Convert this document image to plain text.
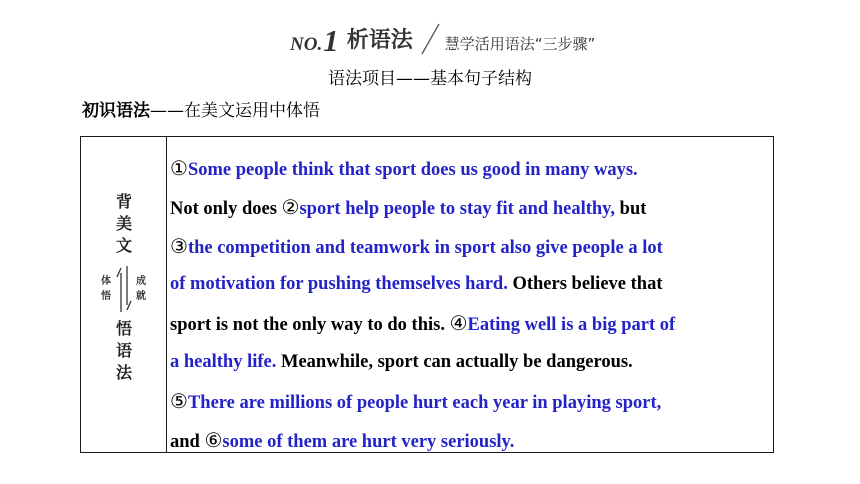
NO. 1 析语法 慧学活用语法“三步骤”
语法项目——基本句子结构
初识语法——在美文运用中体悟
背
美
文
体
悟
成
就
悟
语
法
①Some people think that sport does us good in many ways.
Not only does ②sport help people to stay fit and healthy, but
③the competition and teamwork in sport also give people a lot
of motivation for pushing themselves hard. Others believe that
sport is not the only way to do this. ④Eating well is a big part of
a healthy life. Meanwhile, sport can actually be dangerous.
⑤There are millions of people hurt each year in playing sport,
and ⑥some of them are hurt very seriously.
